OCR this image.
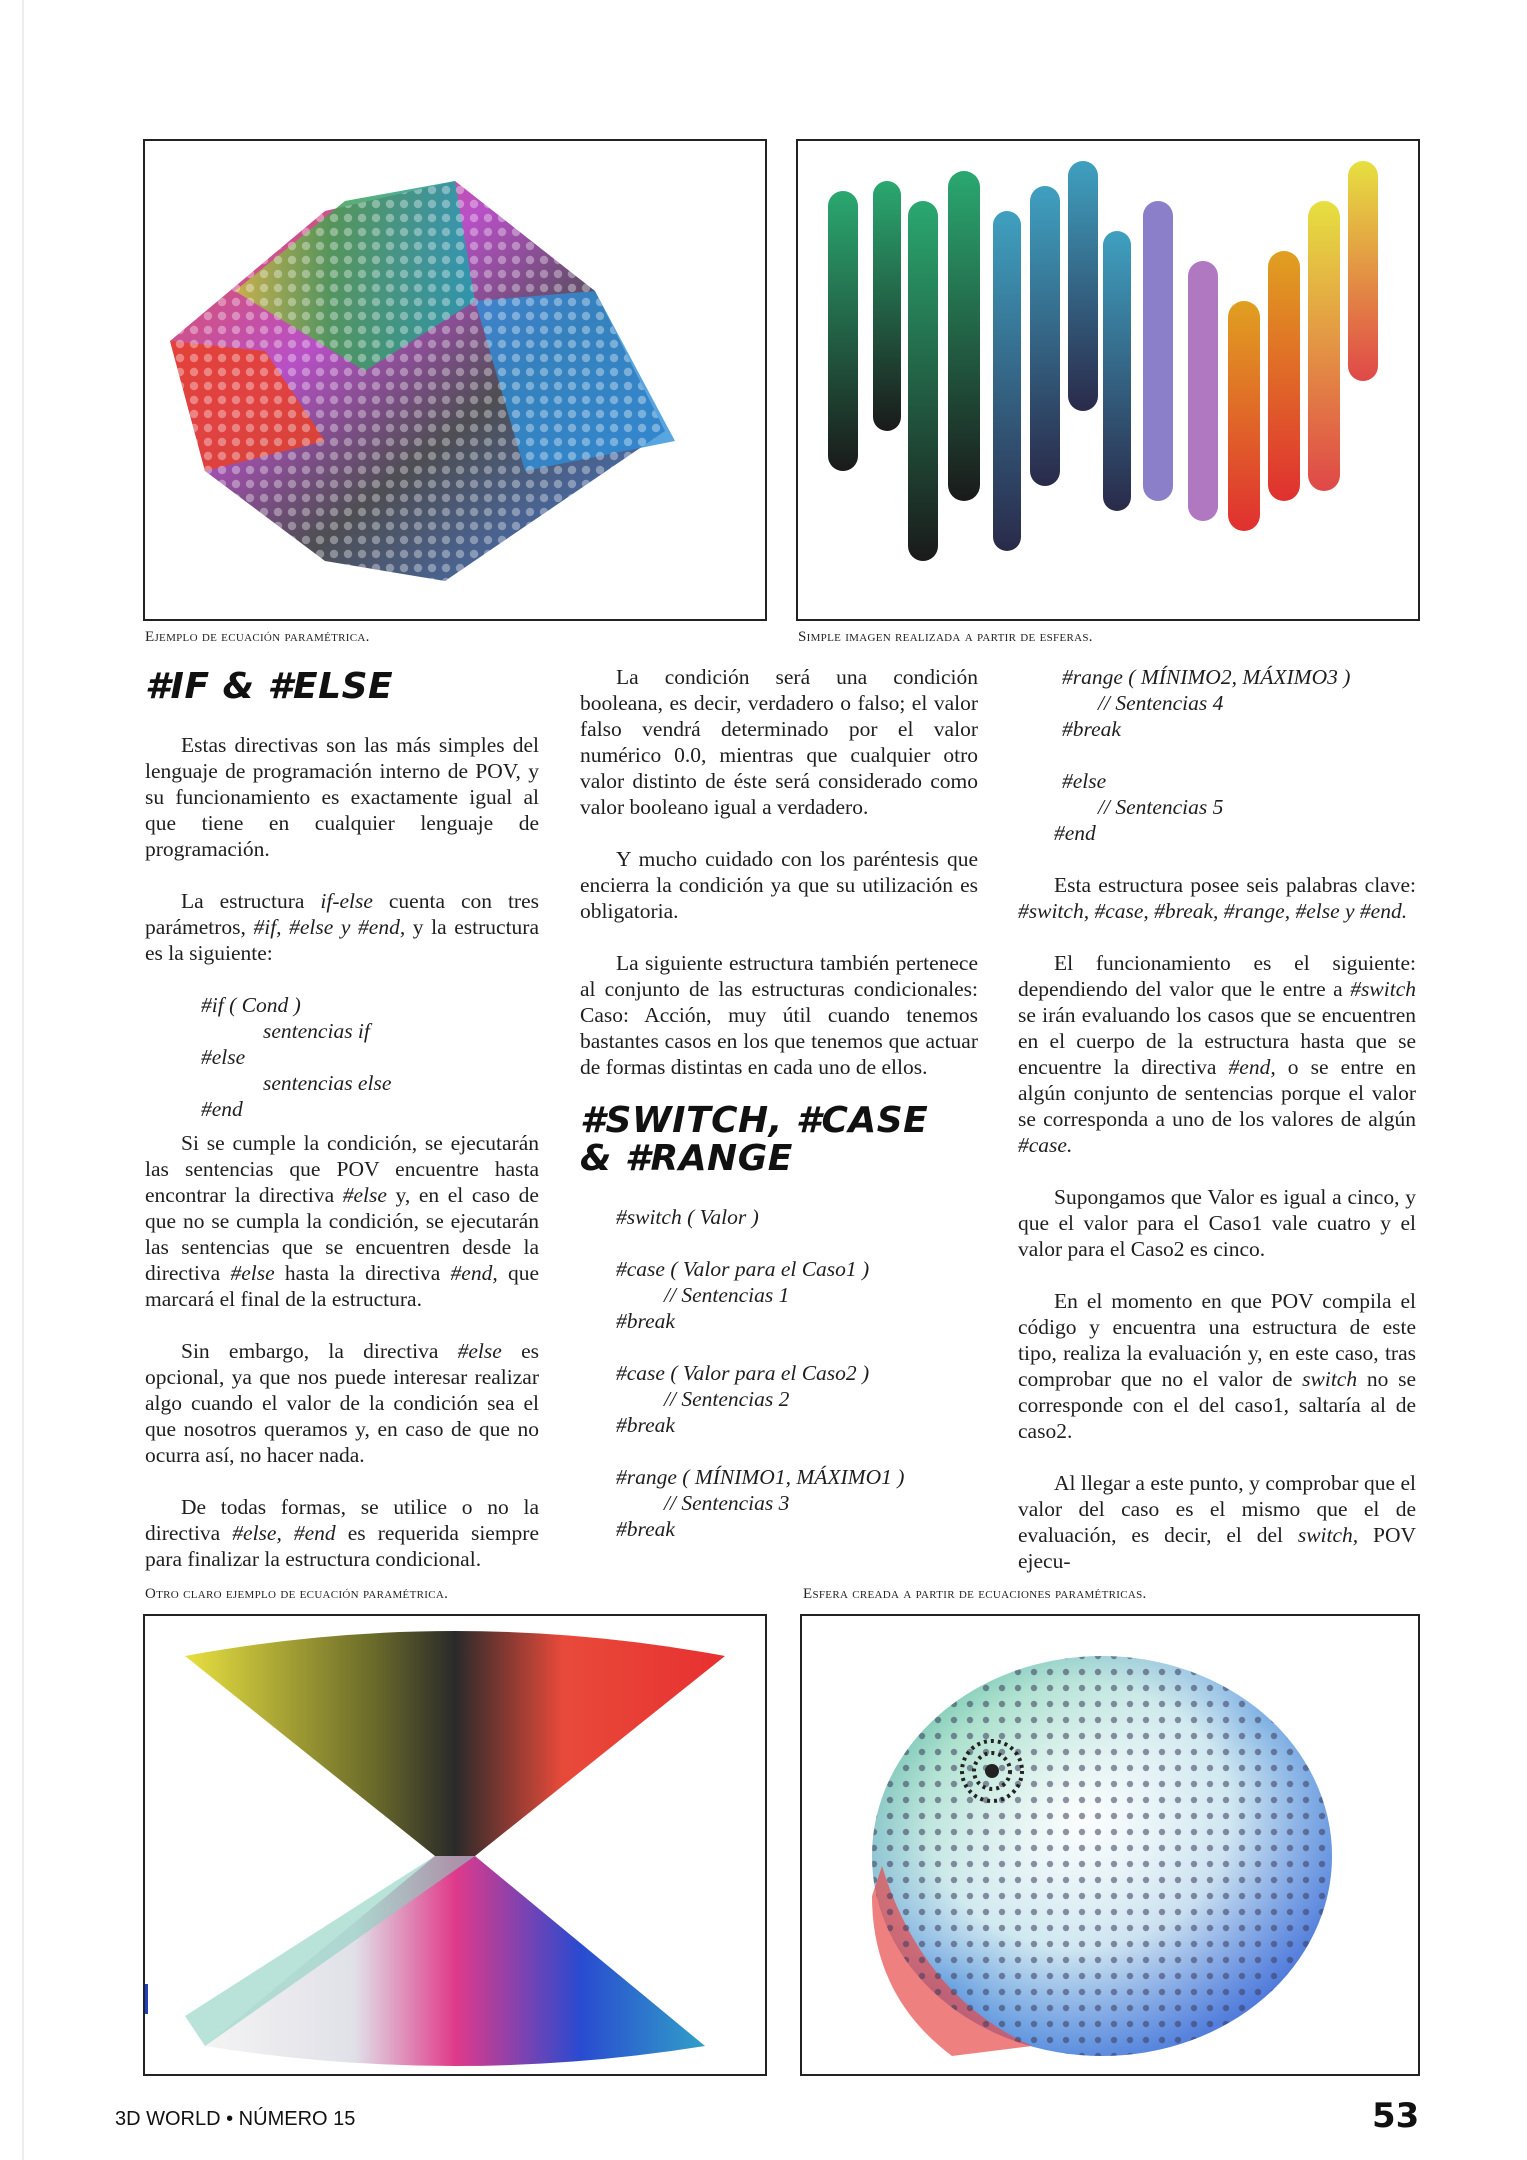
Ejemplo de ecuación paramétrica.	Simple imagen realizada a partir de esferas.
#IF & #ELSE

Estas directivas son las más simples del lenguaje de programación interno de POV, y su funcionamiento es exactamente igual al que tiene en cualquier lenguaje de programación.

La estructura if-else cuenta con tres parámetros, #if, #else y #end, y la estructura es la siguiente:

#if ( Cond )
sentencias if
#else
sentencias else
#end

Si se cumple la condición, se ejecutarán las sentencias que POV encuentre hasta encontrar la directiva #else y, en el caso de que no se cumpla la condición, se ejecutarán las sentencias que se encuentren desde la directiva #else hasta la directiva #end, que marcará el final de la estructura.

Sin embargo, la directiva #else es opcional, ya que nos puede interesar realizar algo cuando el valor de la condición sea el que nosotros queramos y, en caso de que no ocurra así, no hacer nada.

De todas formas, se utilice o no la directiva #else, #end es requerida siempre para finalizar la estructura condicional.

La condición será una condición booleana, es decir, verdadero o falso; el valor falso vendrá determinado por el valor numérico 0.0, mientras que cualquier otro valor distinto de éste será considerado como valor booleano igual a verdadero.

Y mucho cuidado con los paréntesis que encierra la condición ya que su utilización es obligatoria.

La siguiente estructura también pertenece al conjunto de las estructuras condicionales: Caso: Acción, muy útil cuando tenemos bastantes casos en los que tenemos que actuar de formas distintas en cada uno de ellos.

#SWITCH, #CASE
& #RANGE
#switch ( Valor )
#case ( Valor para el Caso1 )
// Sentencias 1
#break
#case ( Valor para el Caso2 )
// Sentencias 2
#break
#range ( MÍNIMO1, MÁXIMO1 )
// Sentencias 3
#break
#range ( MÍNIMO2, MÁXIMO3 )
// Sentencias 4
#break
#else
// Sentencias 5
#end

Esta estructura posee seis palabras clave: #switch, #case, #break, #range, #else y #end.

El funcionamiento es el siguiente: dependiendo del valor que le entre a #switch se irán evaluando los casos que se encuentren en el cuerpo de la estructura hasta que se encuentre la directiva #end, o se entre en algún conjunto de sentencias porque el valor se corresponda a uno de los valores de algún #case.

Supongamos que Valor es igual a cinco, y que el valor para el Caso1 vale cuatro y el valor para el Caso2 es cinco.

En el momento en que POV compila el código y encuentra una estructura de este tipo, realiza la evaluación y, en este caso, tras comprobar que no el valor de switch no se corresponde con el del caso1, saltaría al de caso2.

Al llegar a este punto, y comprobar que el valor del caso es el mismo que el de evaluación, es decir, el del switch, POV ejecu-

Otro claro ejemplo de ecuación paramétrica.	Esfera creada a partir de ecuaciones paramétricas.
3D WORLD • NÚMERO 15	53
